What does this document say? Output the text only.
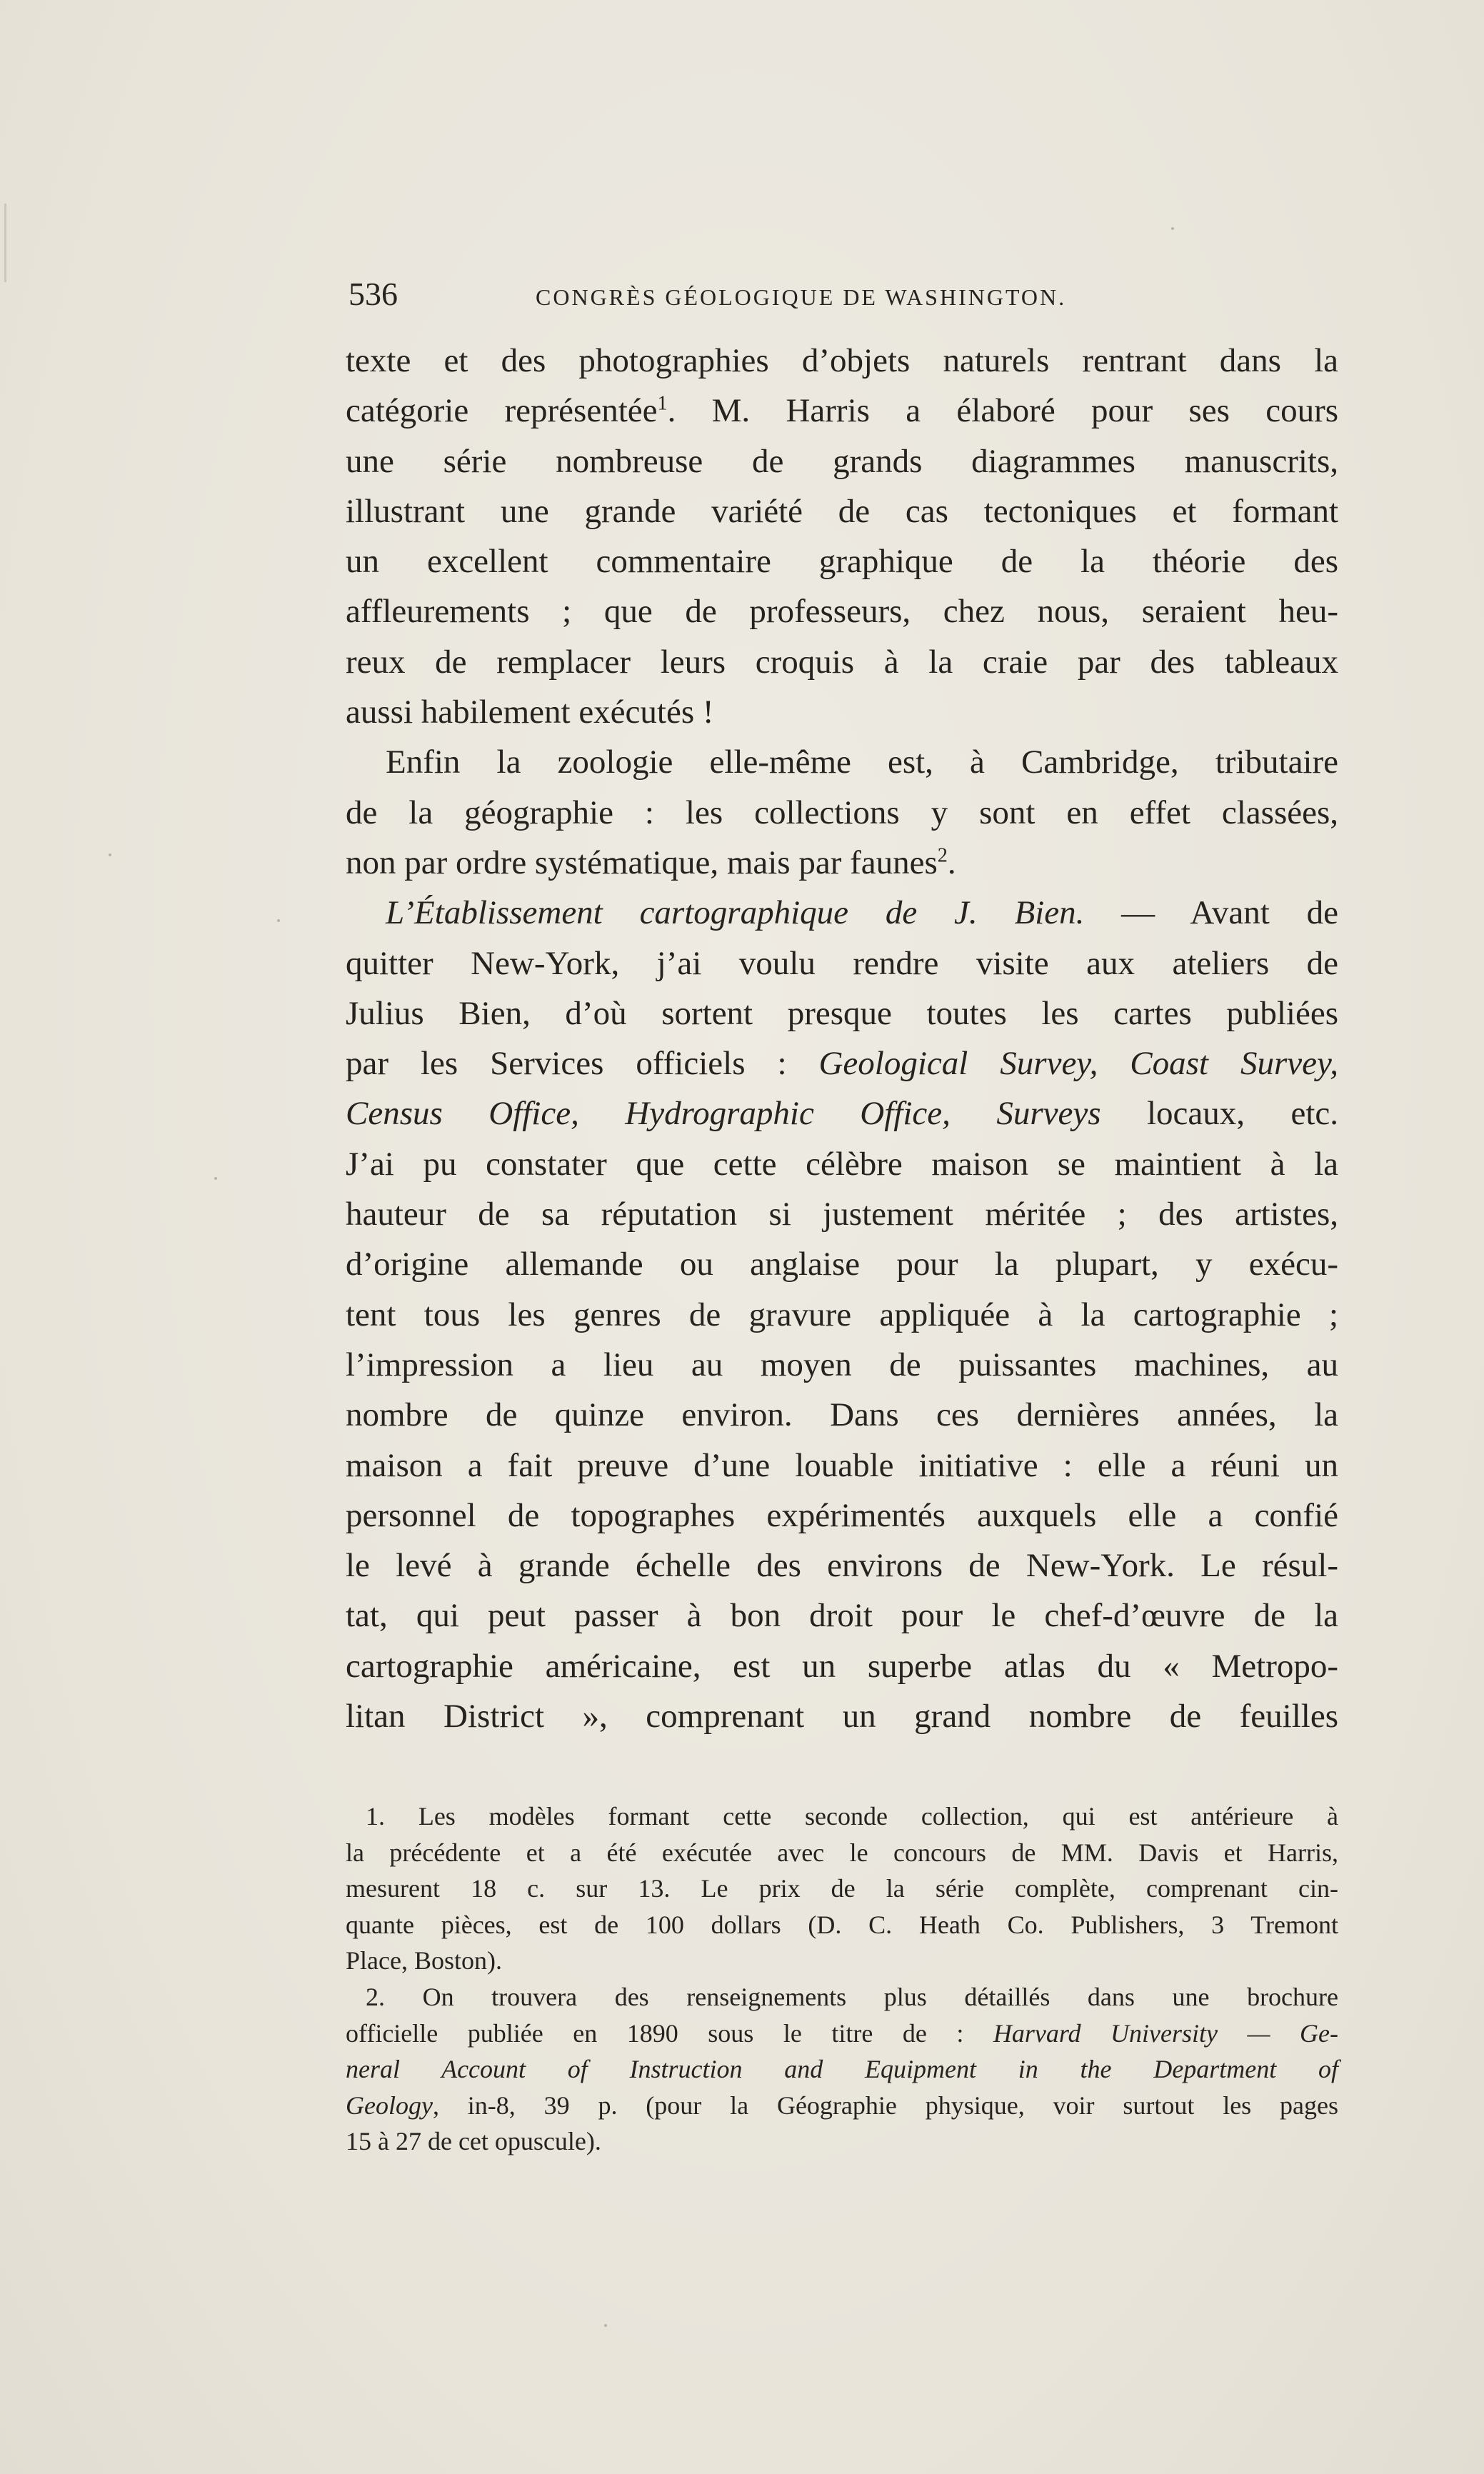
536	CONGRÈS GÉOLOGIQUE DE WASHINGTON.
texte et des photographies d’objets naturels rentrant dans la
catégorie représentée$^1$. M. Harris a élaboré pour ses cours
une série nombreuse de grands diagrammes manuscrits,
illustrant une grande variété de cas tectoniques et formant
un excellent commentaire graphique de la théorie des
affleurements ; que de professeurs, chez nous, seraient heu-
reux de remplacer leurs croquis à la craie par des tableaux
aussi habilement exécutés !
Enfin la zoologie elle-même est, à Cambridge, tributaire
de la géographie : les collections y sont en effet classées,
non par ordre systématique, mais par faunes$^2$.
L’Établissement cartographique de J. Bien. — Avant de
quitter New-York, j’ai voulu rendre visite aux ateliers de
Julius Bien, d’où sortent presque toutes les cartes publiées
par les Services officiels : Geological Survey, Coast Survey,
Census Office, Hydrographic Office, Surveys locaux, etc.
J’ai pu constater que cette célèbre maison se maintient à la
hauteur de sa réputation si justement méritée ; des artistes,
d’origine allemande ou anglaise pour la plupart, y exécu-
tent tous les genres de gravure appliquée à la cartographie ;
l’impression a lieu au moyen de puissantes machines, au
nombre de quinze environ. Dans ces dernières années, la
maison a fait preuve d’une louable initiative : elle a réuni un
personnel de topographes expérimentés auxquels elle a confié
le levé à grande échelle des environs de New-York. Le résul-
tat, qui peut passer à bon droit pour le chef-d’œuvre de la
cartographie américaine, est un superbe atlas du « Metropo-
litan District », comprenant un grand nombre de feuilles
1. Les modèles formant cette seconde collection, qui est antérieure à
la précédente et a été exécutée avec le concours de MM. Davis et Harris,
mesurent 18 c. sur 13. Le prix de la série complète, comprenant cin-
quante pièces, est de 100 dollars (D. C. Heath Co. Publishers, 3 Tremont
Place, Boston).
2. On trouvera des renseignements plus détaillés dans une brochure
officielle publiée en 1890 sous le titre de : Harvard University — Ge-
neral Account of Instruction and Equipment in the Department of
Geology, in-8, 39 p. (pour la Géographie physique, voir surtout les pages
15 à 27 de cet opuscule).
